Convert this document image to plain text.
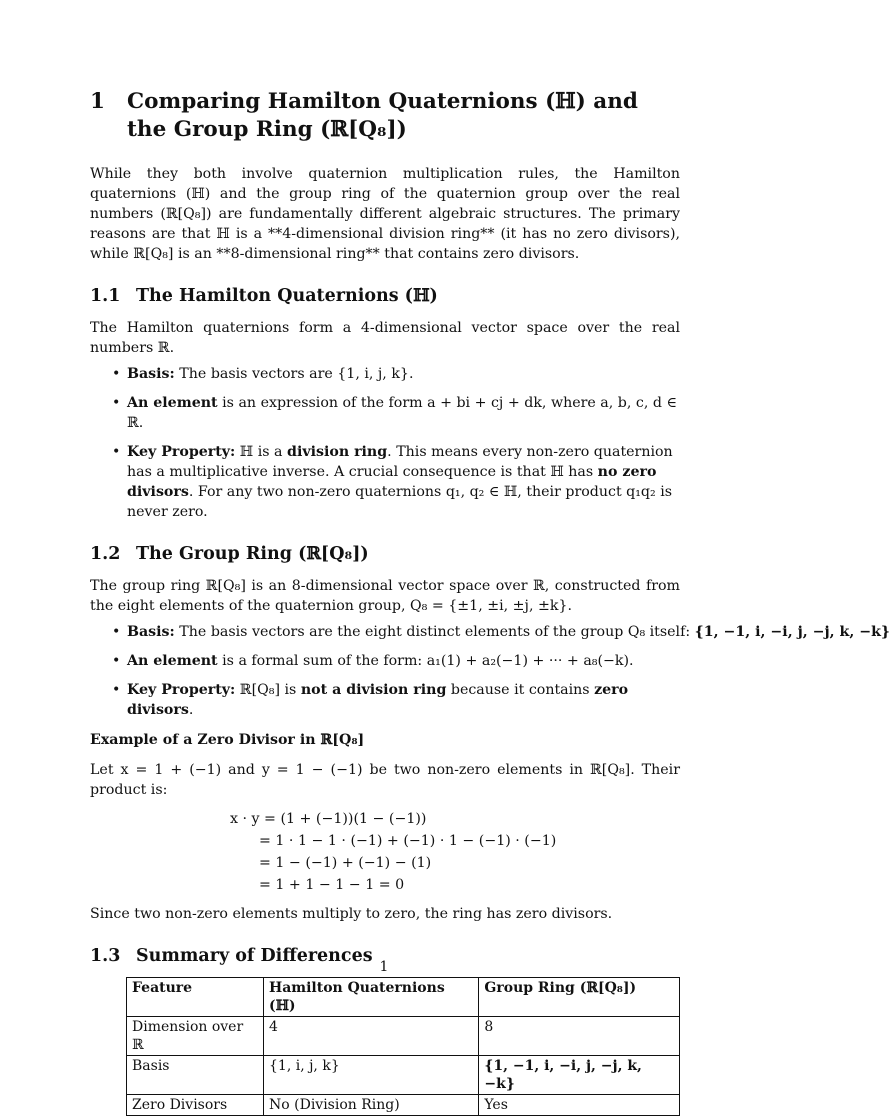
1	Comparing Hamilton Quaternions (ℍ) and the Group Ring (ℝ[Q₈])

While they both involve quaternion multiplication rules, the Hamilton quaternions (ℍ) and the group ring of the quaternion group over the real numbers (ℝ[Q₈]) are fundamentally different algebraic structures. The primary reasons are that ℍ is a **4-dimensional division ring** (it has no zero divisors), while ℝ[Q₈] is an **8-dimensional ring** that contains zero divisors.

1.1 The Hamilton Quaternions (ℍ)

The Hamilton quaternions form a 4-dimensional vector space over the real numbers ℝ.

• Basis: The basis vectors are {1, i, j, k}.
• An element is an expression of the form a + bi + cj + dk, where a, b, c, d ∈ ℝ.
• Key Property: ℍ is a division ring. This means every non-zero quaternion has a multiplicative inverse. A crucial consequence is that ℍ has no zero divisors. For any two non-zero quaternions q₁, q₂ ∈ ℍ, their product q₁q₂ is never zero.
1.2 The Group Ring (ℝ[Q₈])

The group ring ℝ[Q₈] is an 8-dimensional vector space over ℝ, constructed from the eight elements of the quaternion group, Q₈ = {±1, ±i, ±j, ±k}.

• Basis: The basis vectors are the eight distinct elements of the group Q₈ itself: {1, −1, i, −i, j, −j, k, −k}
• An element is a formal sum of the form: a₁(1) + a₂(−1) + ··· + a₈(−k).
• Key Property: ℝ[Q₈] is not a division ring because it contains zero divisors.
Example of a Zero Divisor in ℝ[Q₈]

Let x = 1 + (−1) and y = 1 − (−1) be two non-zero elements in ℝ[Q₈]. Their product is:

x · y = (1 + (−1))(1 − (−1))
= 1 · 1 − 1 · (−1) + (−1) · 1 − (−1) · (−1)
= 1 − (−1) + (−1) − (1)
= 1 + 1 − 1 − 1 = 0

Since two non-zero elements multiply to zero, the ring has zero divisors.

1.3 Summary of Differences
Feature	Hamilton Quaternions (ℍ)	Group Ring (ℝ[Q₈])
Dimension over ℝ	4	8
Basis	{1, i, j, k}	{1, −1, i, −i, j, −j, k, −k}
Zero Divisors	No (Division Ring)	Yes
1
